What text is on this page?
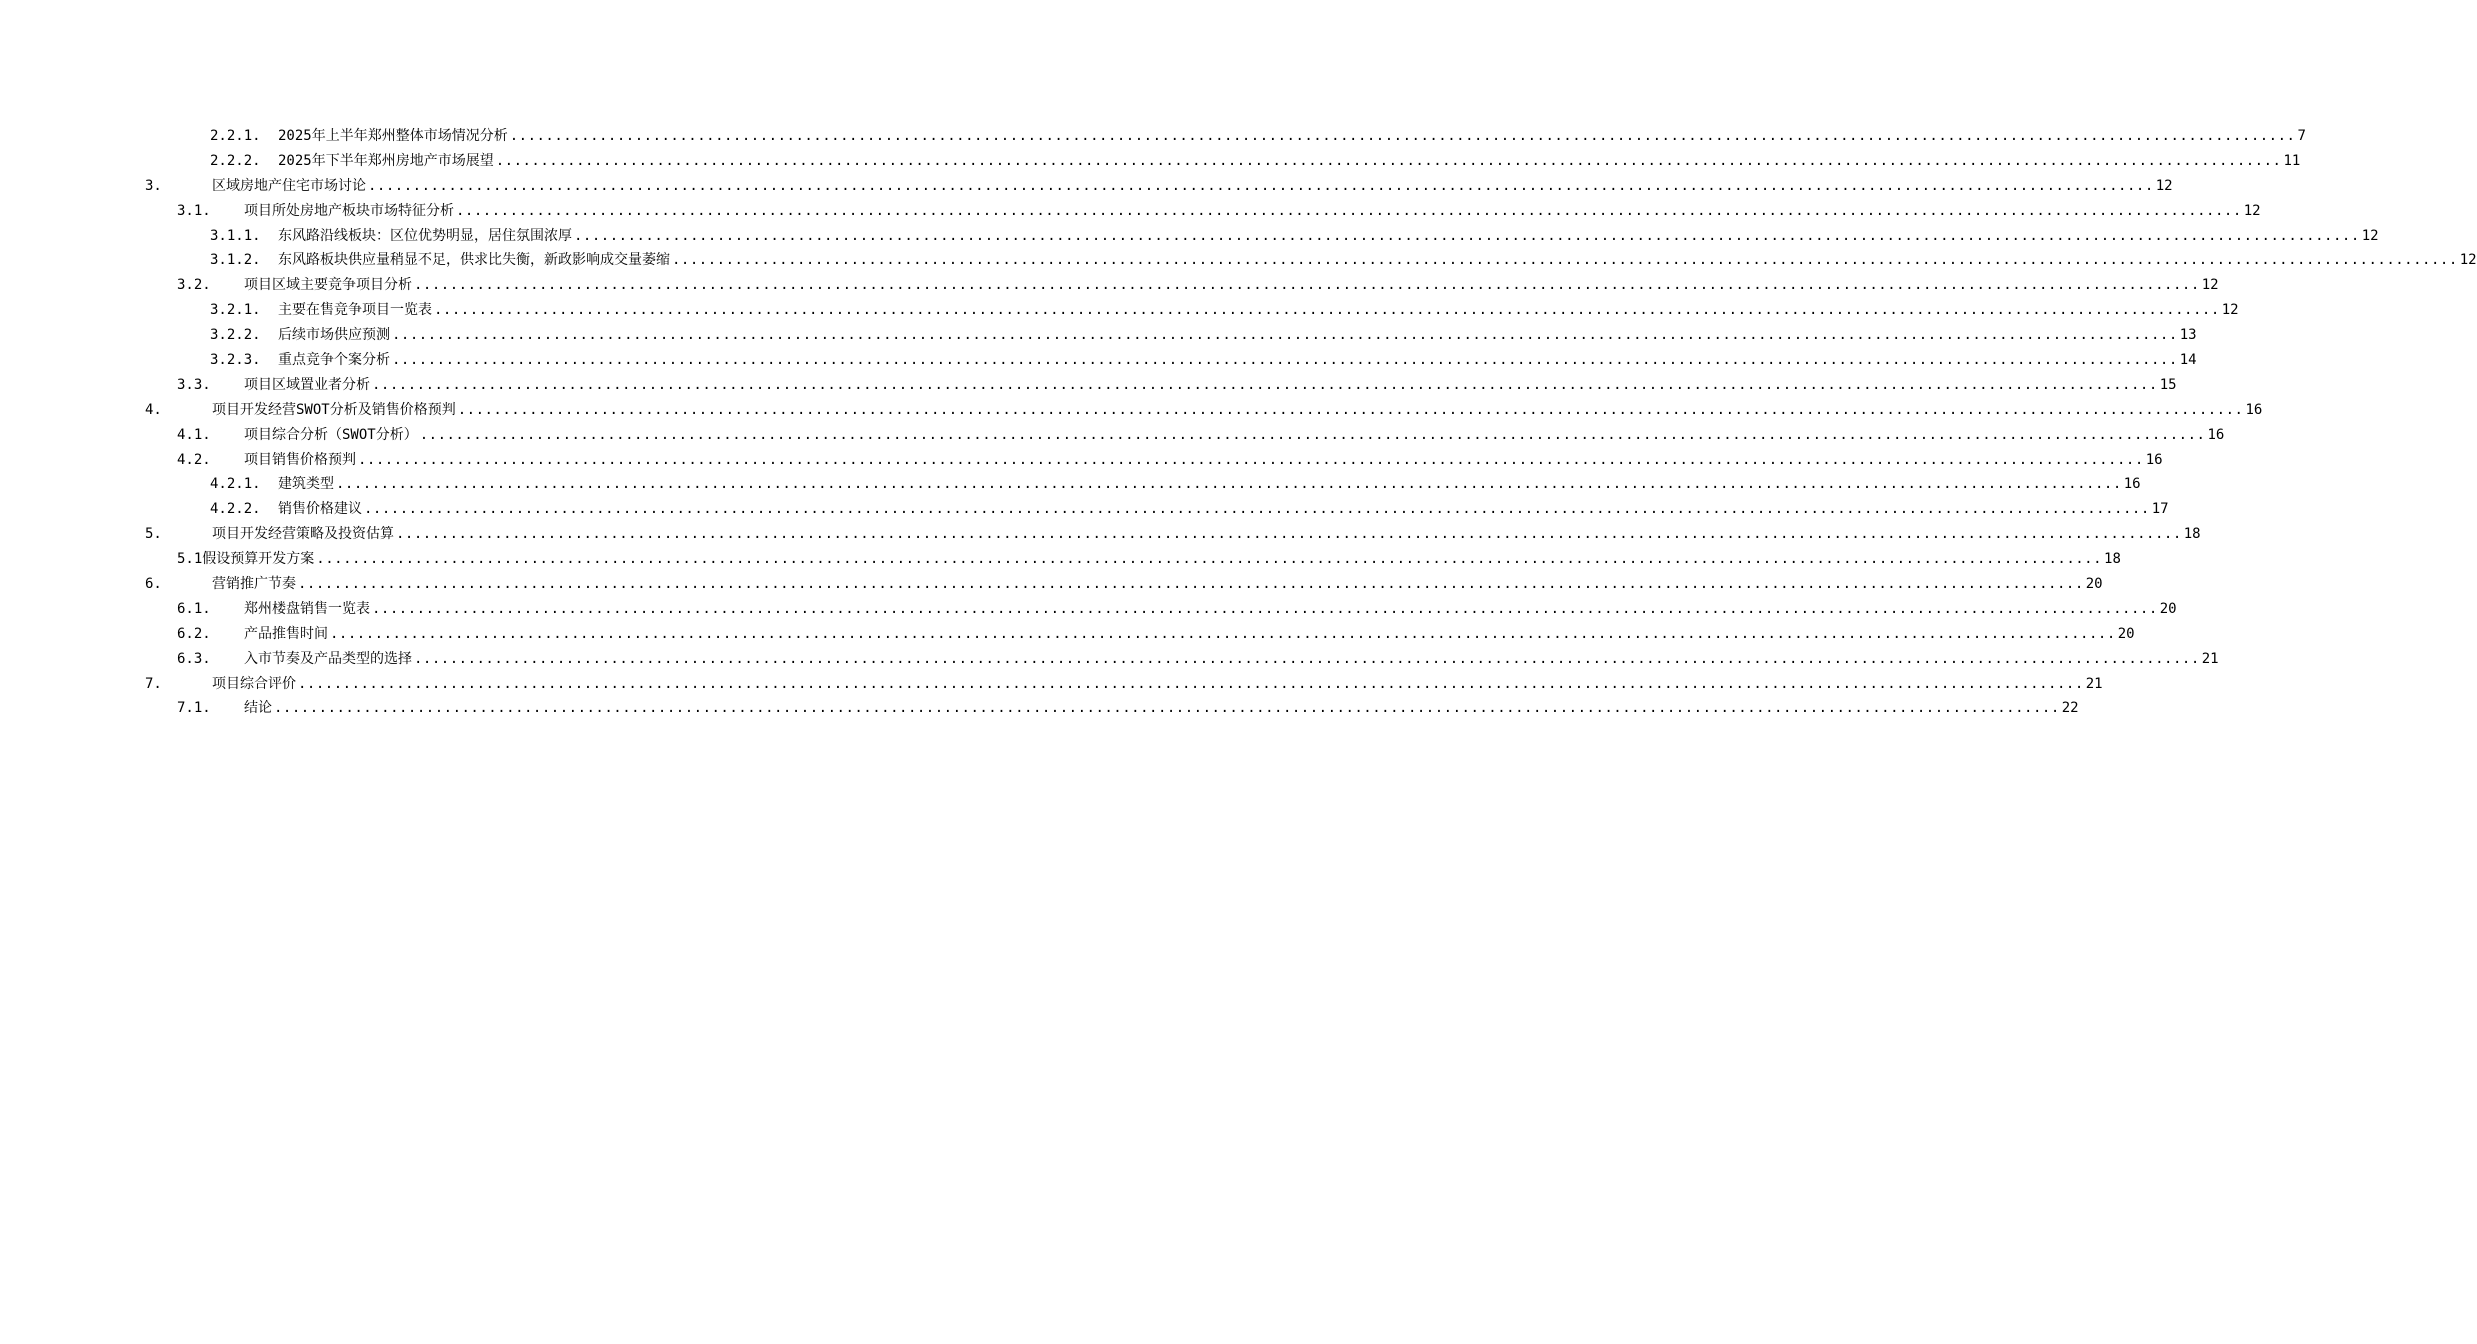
2.2.1. 2025年上半年郑州整体市场情况分析 ........................................................................................................................................................................................................ 7
2.2.2. 2025年下半年郑州房地产市场展望 ........................................................................................................................................................................................................ 11
3.	区域房地产住宅市场讨论 ........................................................................................................................................................................................................ 12
3.1. 项目所处房地产板块市场特征分析 ........................................................................................................................................................................................................ 12
3.1.1. 东风路沿线板块：区位优势明显，居住氛围浓厚 ........................................................................................................................................................................................................ 12
3.1.2. 东风路板块供应量稍显不足，供求比失衡，新政影响成交量萎缩 ........................................................................................................................................................................................................ 12
3.2. 项目区域主要竞争项目分析 ........................................................................................................................................................................................................ 12
3.2.1. 主要在售竞争项目一览表 ........................................................................................................................................................................................................ 12
3.2.2. 后续市场供应预测 ........................................................................................................................................................................................................ 13
3.2.3. 重点竞争个案分析 ........................................................................................................................................................................................................ 14
3.3. 项目区域置业者分析 ........................................................................................................................................................................................................ 15
4.	项目开发经营SWOT分析及销售价格预判 ........................................................................................................................................................................................................ 16
4.1. 项目综合分析（SWOT分析） ........................................................................................................................................................................................................ 16
4.2. 项目销售价格预判 ........................................................................................................................................................................................................ 16
4.2.1. 建筑类型 ........................................................................................................................................................................................................ 16
4.2.2. 销售价格建议 ........................................................................................................................................................................................................ 17
5.	项目开发经营策略及投资估算 ........................................................................................................................................................................................................ 18
5.1假设预算开发方案 ........................................................................................................................................................................................................ 18
6.	营销推广节奏 ........................................................................................................................................................................................................ 20
6.1. 郑州楼盘销售一览表 ........................................................................................................................................................................................................ 20
6.2. 产品推售时间 ........................................................................................................................................................................................................ 20
6.3. 入市节奏及产品类型的选择 ........................................................................................................................................................................................................ 21
7.	项目综合评价 ........................................................................................................................................................................................................ 21
7.1. 结论 ........................................................................................................................................................................................................ 22
